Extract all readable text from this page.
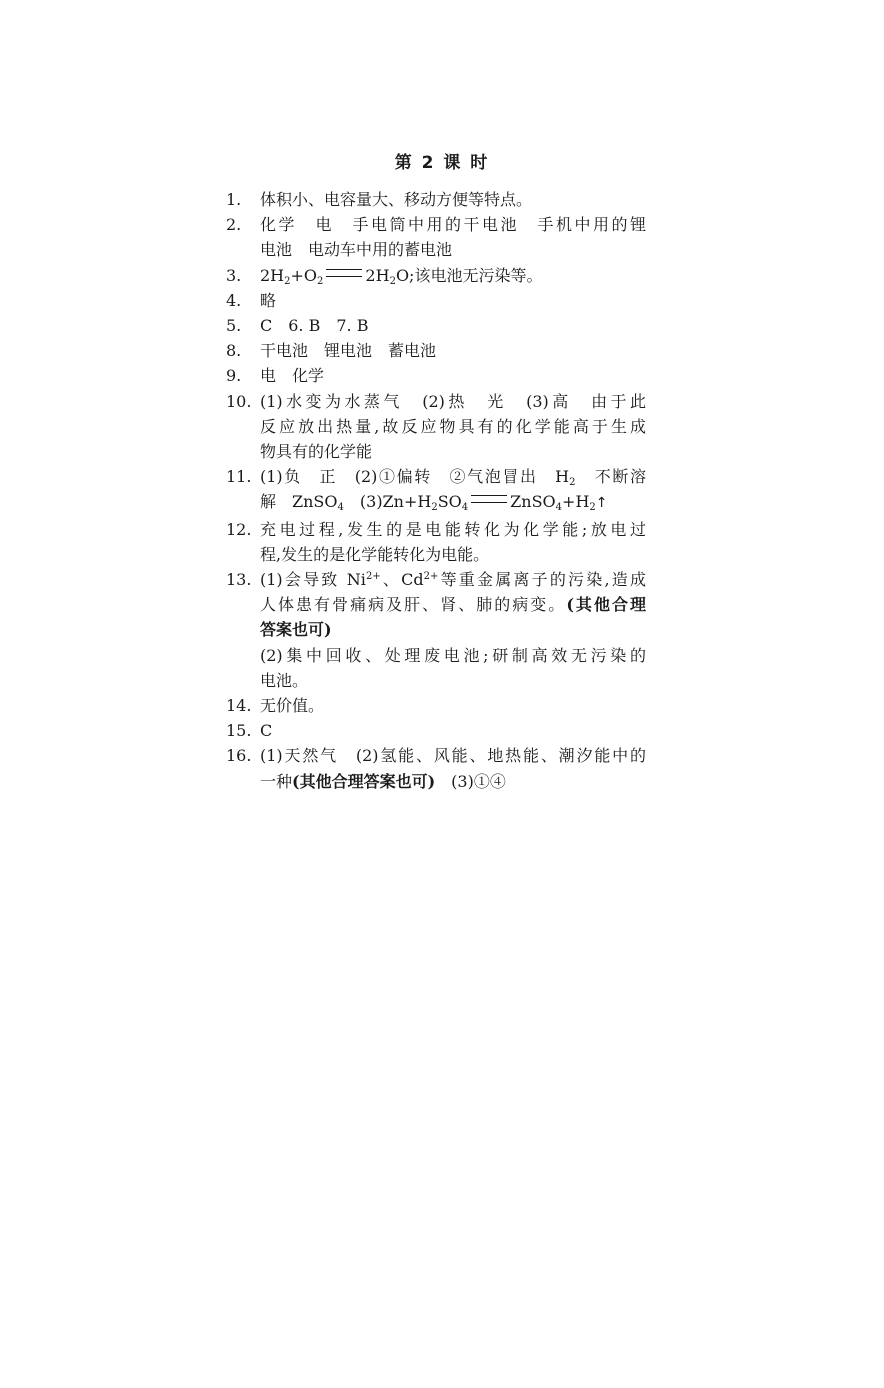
第 2 课 时
1. 体积小、电容量大、移动方便等特点。
2. 化学　电　手电筒中用的干电池　手机中用的锂
电池　电动车中用的蓄电池
3. $2H_2+O_2$	$2H_2O$;该电池无污染等。
4. 略
5. C　6. B　7. B
8. 干电池　锂电池　蓄电池
9. 电　化学
10. (1)水变为水蒸气　(2)热　光　(3)高　由于此
反应放出热量,故反应物具有的化学能高于生成
物具有的化学能
11. (1)负　正　(2)①偏转　②气泡冒出　$H_2$　不断溶
解　ZnSO$_4$　$(3)Zn+H_2SO_4$	$ZnSO_4+H_2↑$
12. 充电过程,发生的是电能转化为化学能;放电过
程,发生的是化学能转化为电能。
13. (1)会导致 $Ni^{2+}$、$Cd^{2+}$等重金属离子的污染,造成
人体患有骨痛病及肝、肾、肺的病变。(其他合理
答案也可)
(2)集中回收、处理废电池;研制高效无污染的
电池。
14. 无价值。
15. C
16. (1)天然气　(2)氢能、风能、地热能、潮汐能中的
一种(其他合理答案也可)　(3)①④
